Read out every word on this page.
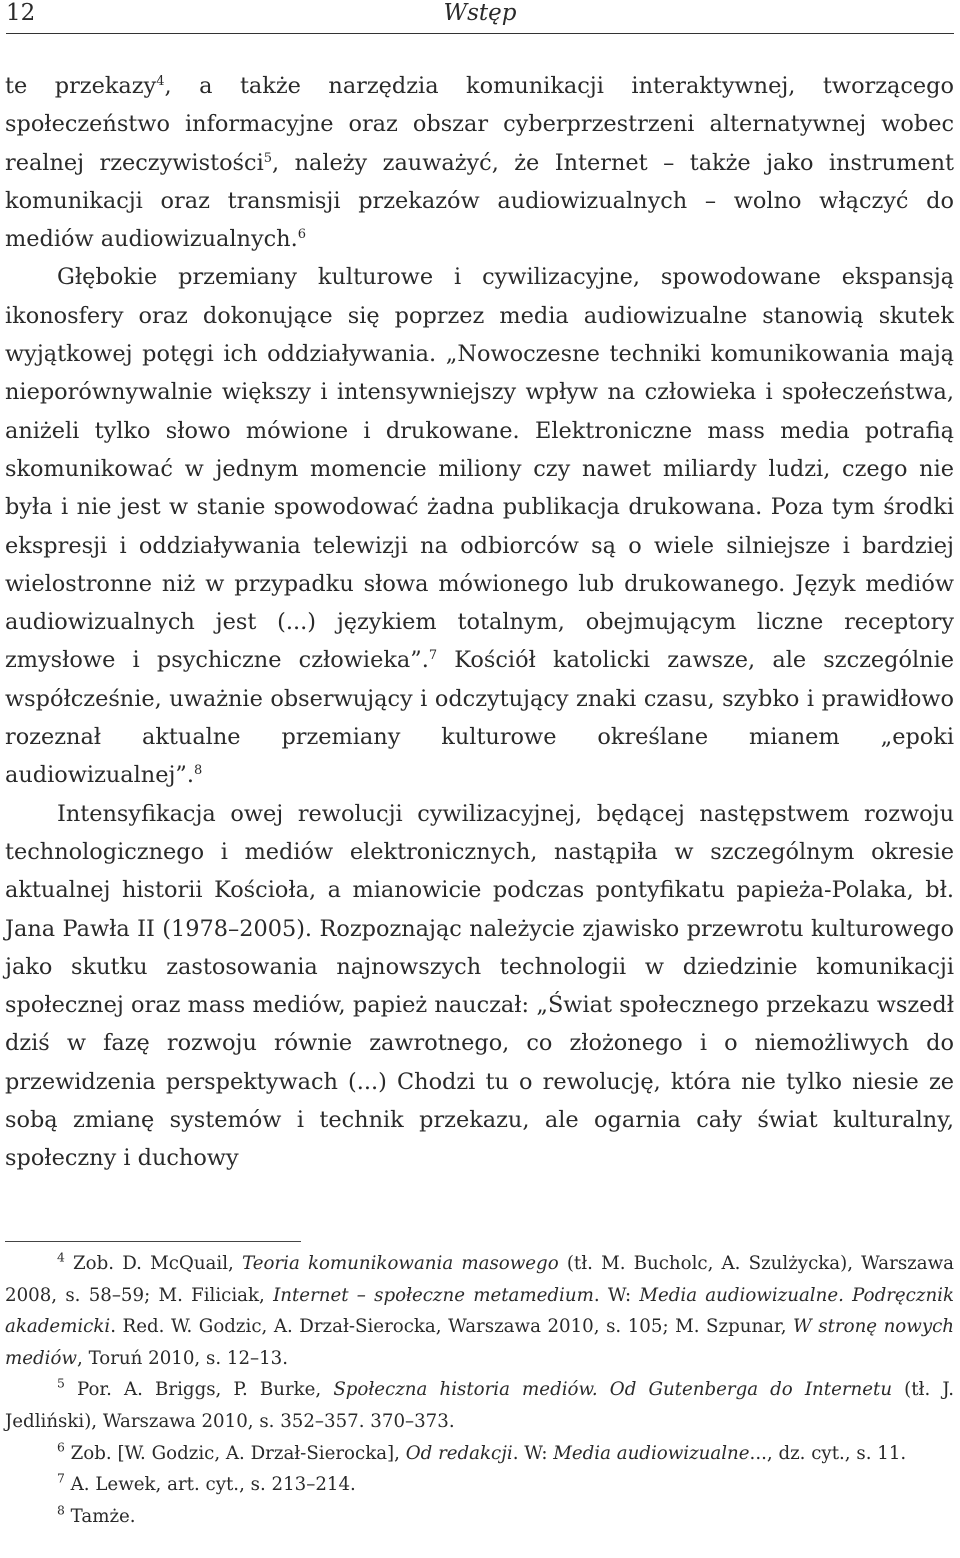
12	Wstęp

te przekazy$^4$, a także narzędzia komunikacji interaktywnej, tworzącego społeczeństwo informacyjne oraz obszar cyberprzestrzeni alternatywnej wobec realnej rzeczywistości$^5$, należy zauważyć, że Internet – także jako instrument komunikacji oraz transmisji przekazów audiowizualnych – wolno włączyć do mediów audiowizualnych.$^6$

Głębokie przemiany kulturowe i cywilizacyjne, spowodowane ekspansją ikonosfery oraz dokonujące się poprzez media audiowizualne stanowią skutek wyjątkowej potęgi ich oddziaływania. „Nowoczesne techniki komunikowania mają nieporównywalnie większy i intensywniejszy wpływ na człowieka i społeczeństwa, aniżeli tylko słowo mówione i drukowane. Elektroniczne mass media potrafią skomunikować w jednym momencie miliony czy nawet miliardy ludzi, czego nie była i nie jest w stanie spowodować żadna publikacja drukowana. Poza tym środki ekspresji i oddziaływania telewizji na odbiorców są o wiele silniejsze i bardziej wielostronne niż w przypadku słowa mówionego lub drukowanego. Język mediów audiowizualnych jest (...) językiem totalnym, obejmującym liczne receptory zmysłowe i psychiczne człowieka”.$^7$ Kościół katolicki zawsze, ale szczególnie współcześnie, uważnie obserwujący i odczytujący znaki czasu, szybko i prawidłowo rozeznał aktualne przemiany kulturowe określane mianem „epoki audiowizualnej”.$^8$

Intensyfikacja owej rewolucji cywilizacyjnej, będącej następstwem rozwoju technologicznego i mediów elektronicznych, nastąpiła w szczególnym okresie aktualnej historii Kościoła, a mianowicie podczas pontyfikatu papieża-Polaka, bł. Jana Pawła II (1978–2005). Rozpoznając należycie zjawisko przewrotu kulturowego jako skutku zastosowania najnowszych technologii w dziedzinie komunikacji społecznej oraz mass mediów, papież nauczał: „Świat społecznego przekazu wszedł dziś w fazę rozwoju równie zawrotnego, co złożonego i o niemożliwych do przewidzenia perspektywach (...) Chodzi tu o rewolucję, która nie tylko niesie ze sobą zmianę systemów i technik przekazu, ale ogarnia cały świat kulturalny, społeczny i duchowy

$^4$ Zob. D. McQuail, Teoria komunikowania masowego (tł. M. Bucholc, A. Szulżycka), Warszawa 2008, s. 58–59; M. Filiciak, Internet – społeczne metamedium. W: Media audiowizualne. Podręcznik akademicki. Red. W. Godzic, A. Drzał-Sierocka, Warszawa 2010, s. 105; M. Szpunar, W stronę nowych mediów, Toruń 2010, s. 12–13.

$^5$ Por. A. Briggs, P. Burke, Społeczna historia mediów. Od Gutenberga do Internetu (tł. J. Jedliński), Warszawa 2010, s. 352–357. 370–373.

$^6$ Zob. [W. Godzic, A. Drzał-Sierocka], Od redakcji. W: Media audiowizualne..., dz. cyt., s. 11.

$^7$ A. Lewek, art. cyt., s. 213–214.

$^8$ Tamże.
